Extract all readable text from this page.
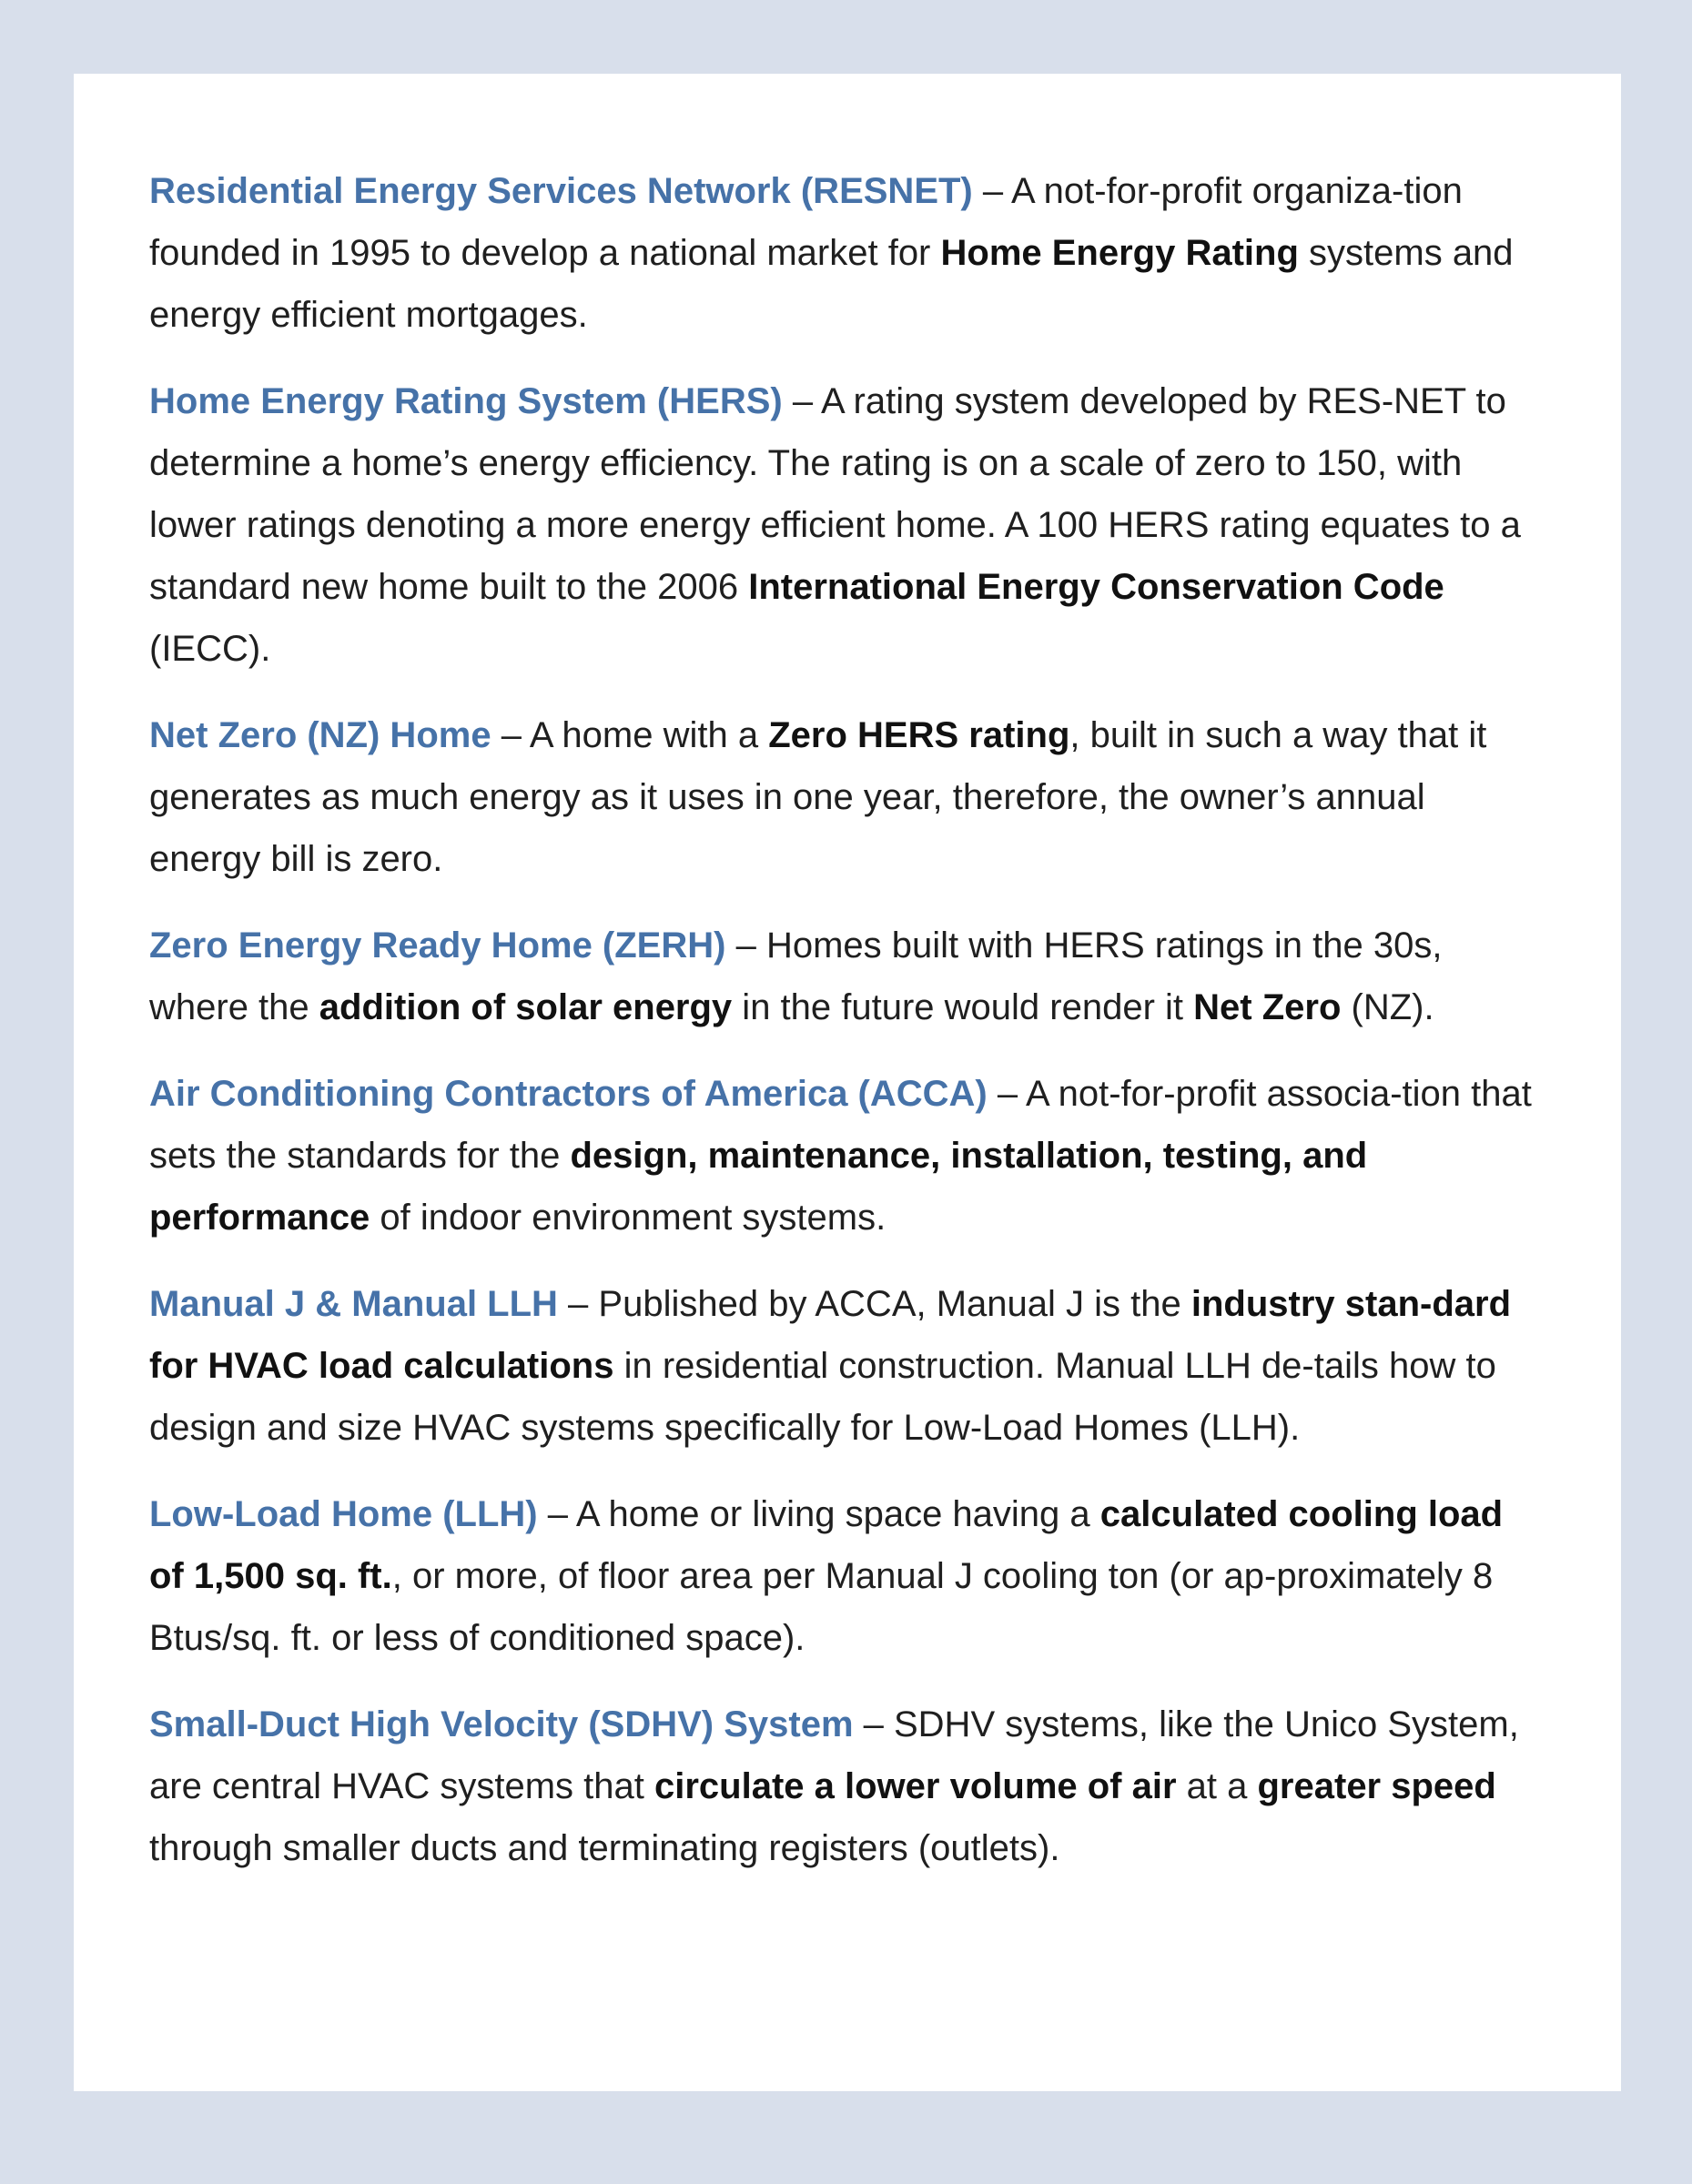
Residential Energy Services Network (RESNET) – A not-for-profit organiza-tion founded in 1995 to develop a national market for Home Energy Rating systems and energy efficient mortgages.

Home Energy Rating System (HERS) – A rating system developed by RES-NET to determine a home’s energy efficiency. The rating is on a scale of zero to 150, with lower ratings denoting a more energy efficient home. A 100 HERS rating equates to a standard new home built to the 2006 International Energy Conservation Code (IECC).

Net Zero (NZ) Home – A home with a Zero HERS rating, built in such a way that it generates as much energy as it uses in one year, therefore, the owner’s annual energy bill is zero.

Zero Energy Ready Home (ZERH) – Homes built with HERS ratings in the 30s, where the addition of solar energy in the future would render it Net Zero (NZ).

Air Conditioning Contractors of America (ACCA) – A not-for-profit associa-tion that sets the standards for the design, maintenance, installation, testing, and performance of indoor environment systems.

Manual J & Manual LLH – Published by ACCA, Manual J is the industry stan-dard for HVAC load calculations in residential construction. Manual LLH de-tails how to design and size HVAC systems specifically for Low-Load Homes (LLH).

Low-Load Home (LLH) – A home or living space having a calculated cooling load of 1,500 sq. ft., or more, of floor area per Manual J cooling ton (or ap-proximately 8 Btus/sq. ft. or less of conditioned space).

Small-Duct High Velocity (SDHV) System – SDHV systems, like the Unico System, are central HVAC systems that circulate a lower volume of air at a greater speed through smaller ducts and terminating registers (outlets).
